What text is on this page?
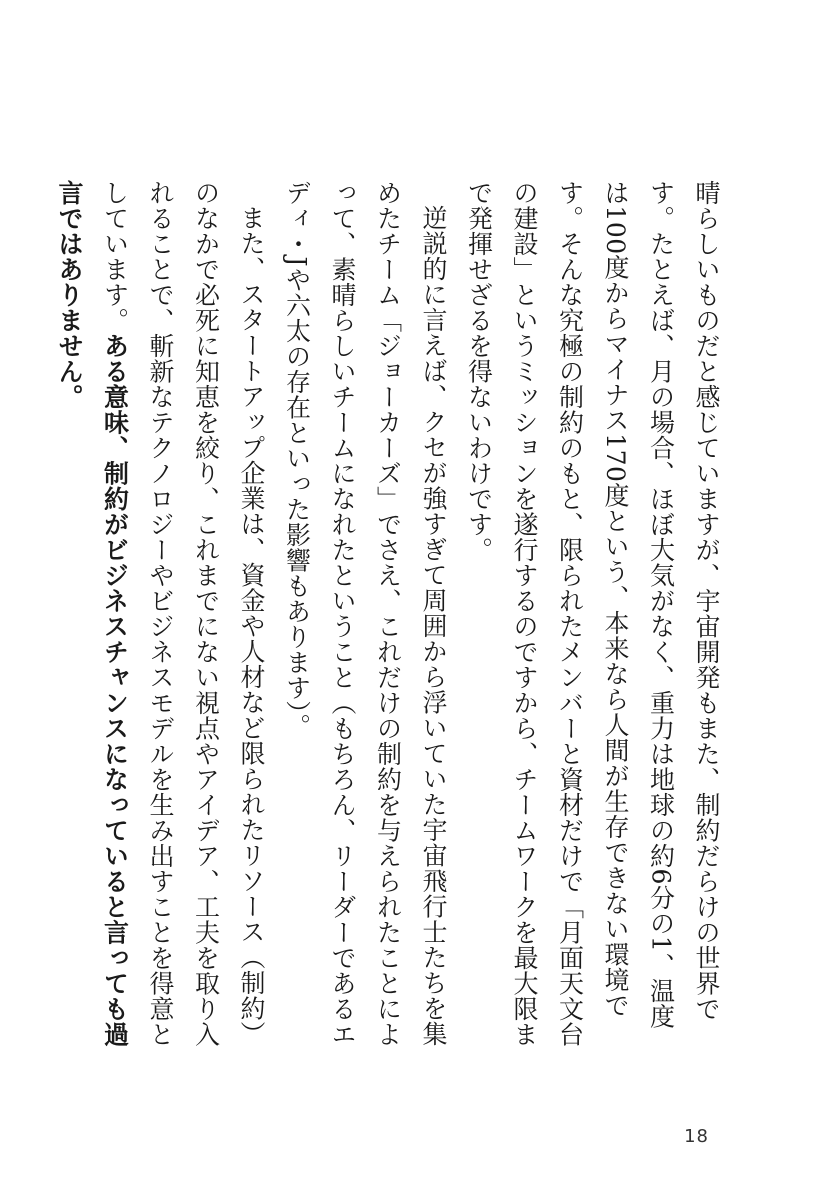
晴らしいものだと感じていますが、宇宙開発もまた、制約だらけの世界です。たとえば、月の場合、ほぼ大気がなく、重力は地球の約6分の1、温度は100度からマイナス170度という、本来なら人間が生存できない環境です。そんな究極の制約のもと、限られたメンバーと資材だけで「月面天文台の建設」というミッションを遂行するのですから、チームワークを最大限まで発揮せざるを得ないわけです。

逆説的に言えば、クセが強すぎて周囲から浮いていた宇宙飛行士たちを集めたチーム「ジョーカーズ」でさえ、これだけの制約を与えられたことによって、素晴らしいチームになれたということ（もちろん、リーダーであるエディ・Jや六太の存在といった影響もあります）。

また、スタートアップ企業は、資金や人材など限られたリソース（制約）のなかで必死に知恵を絞り、これまでにない視点やアイデア、工夫を取り入れることで、斬新なテクノロジーやビジネスモデルを生み出すことを得意としています。ある意味、制約がビジネスチャンスになっていると言っても過言ではありません。

18
